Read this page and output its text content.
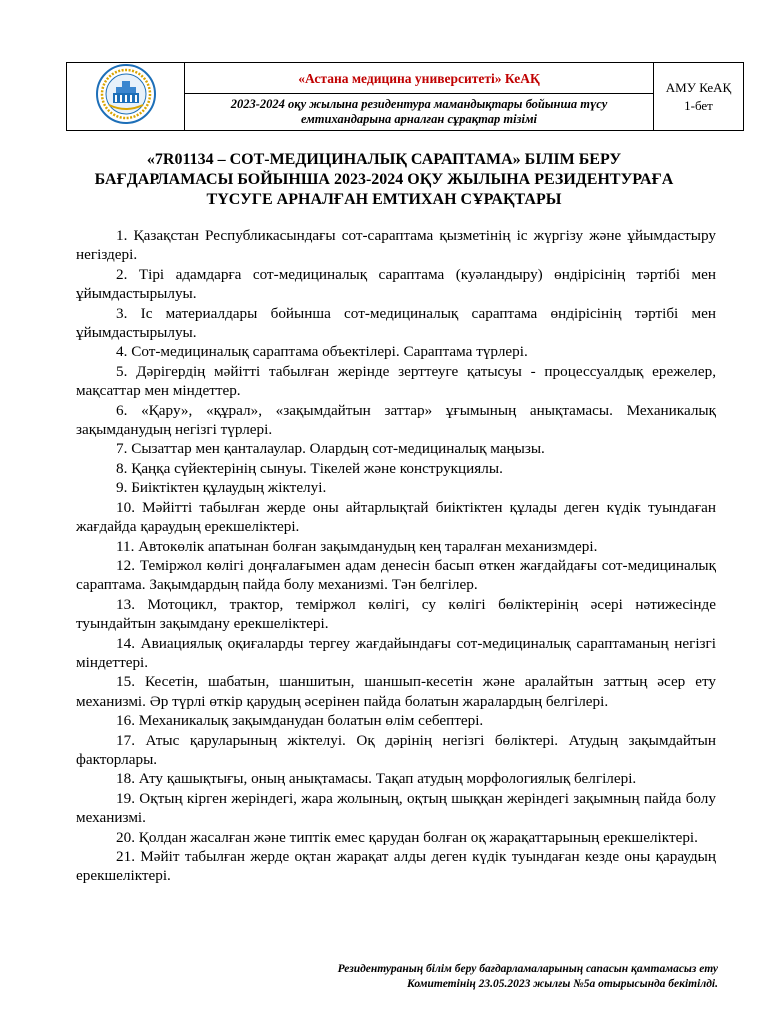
«Астана медицина университеті» КеАҚ
2023-2024 оқу жылына резидентура мамандықтары бойынша түсу емтихандарына арналған сұрақтар тізімі

АМУ КеАҚ
1-бет
«7R01134 – СОТ-МЕДИЦИНАЛЫҚ САРАПТАМА» БІЛІМ БЕРУ БАҒДАРЛАМАСЫ БОЙЫНША 2023-2024 ОҚУ ЖЫЛЫНА РЕЗИДЕНТУРАҒА ТҮСУГЕ АРНАЛҒАН ЕМТИХАН СҰРАҚТАРЫ

1. Қазақстан Республикасындағы сот-сараптама қызметінің іс жүргізу және ұйымдастыру негіздері.

2. Тірі адамдарға сот-медициналық сараптама (куәландыру) өндірісінің тәртібі мен ұйымдастырылуы.

3. Іс материалдары бойынша сот-медициналық сараптама өндірісінің тәртібі мен ұйымдастырылуы.

4. Сот-медициналық сараптама объектілері. Сараптама түрлері.

5. Дәрігердің мәйітті табылған жерінде зерттеуге қатысуы - процессуалдық ережелер, мақсаттар мен міндеттер.

6. «Қару», «құрал», «зақымдайтын заттар» ұғымының анықтамасы. Механикалық зақымданудың негізгі түрлері.

7. Сызаттар мен қанталаулар. Олардың сот-медициналық маңызы.

8. Қаңқа сүйектерінің сынуы. Тікелей және конструкциялы.

9. Биіктіктен құлаудың жіктелуі.

10. Мәйітті табылған жерде оны айтарлықтай биіктіктен құлады деген күдік туындаған жағдайда қараудың ерекшеліктері.

11. Автокөлік апатынан болған зақымданудың кең таралған механизмдері.

12. Теміржол көлігі доңғалағымен адам денесін басып өткен жағдайдағы сот-медициналық сараптама. Зақымдардың пайда болу механизмі. Тән белгілер.

13. Мотоцикл, трактор, теміржол көлігі, су көлігі бөліктерінің әсері нәтижесінде туындайтын зақымдану ерекшеліктері.

14. Авиациялық оқиғаларды тергеу жағдайындағы сот-медициналық сараптаманың негізгі міндеттері.

15. Кесетін, шабатын, шаншитын, шаншып-кесетін және аралайтын заттың әсер ету механизмі. Әр түрлі өткір қарудың әсерінен пайда болатын жаралардың белгілері.

16. Механикалық зақымданудан болатын өлім себептері.

17. Атыс қаруларының жіктелуі. Оқ дәрінің негізгі бөліктері. Атудың зақымдайтын факторлары.

18. Ату қашықтығы, оның анықтамасы. Тақап атудың морфологиялық белгілері.

19. Оқтың кірген жеріндегі, жара жолының, оқтың шыққан жеріндегі зақымның пайда болу механизмі.

20. Қолдан жасалған және типтік емес қарудан болған оқ жарақаттарының ерекшеліктері.

21. Мәйіт табылған жерде оқтан жарақат алды деген күдік туындаған кезде оны қараудың ерекшеліктері.

Резидентураның білім беру бағдарламаларының сапасын қамтамасыз ету
Комитетінің 23.05.2023 жылғы №5а отырысында бекітілді.
